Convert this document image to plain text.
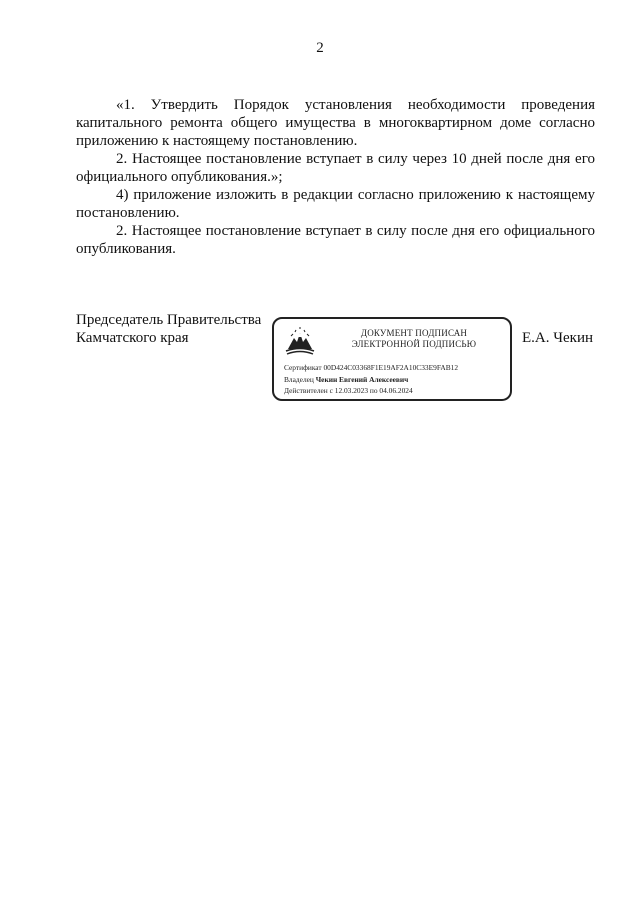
2

«1. Утвердить Порядок установления необходимости проведения капитального ремонта общего имущества в многоквартирном доме согласно приложению к настоящему постановлению.

2. Настоящее постановление вступает в силу через 10 дней после дня его официального опубликования.»;

4) приложение изложить в редакции согласно приложению к настоящему постановлению.

2. Настоящее постановление вступает в силу после дня его официального опубликования.

Председатель Правительства
Камчатского края	ДОКУМЕНТ ПОДПИСАН
ЭЛЕКТРОННОЙ ПОДПИСЬЮ
Сертификат 00D424C03368F1E19AF2A10C33E9FAB12
Владелец Чекин Евгений Алексеевич
Действителен с 12.03.2023 по 04.06.2024
Е.А. Чекин
